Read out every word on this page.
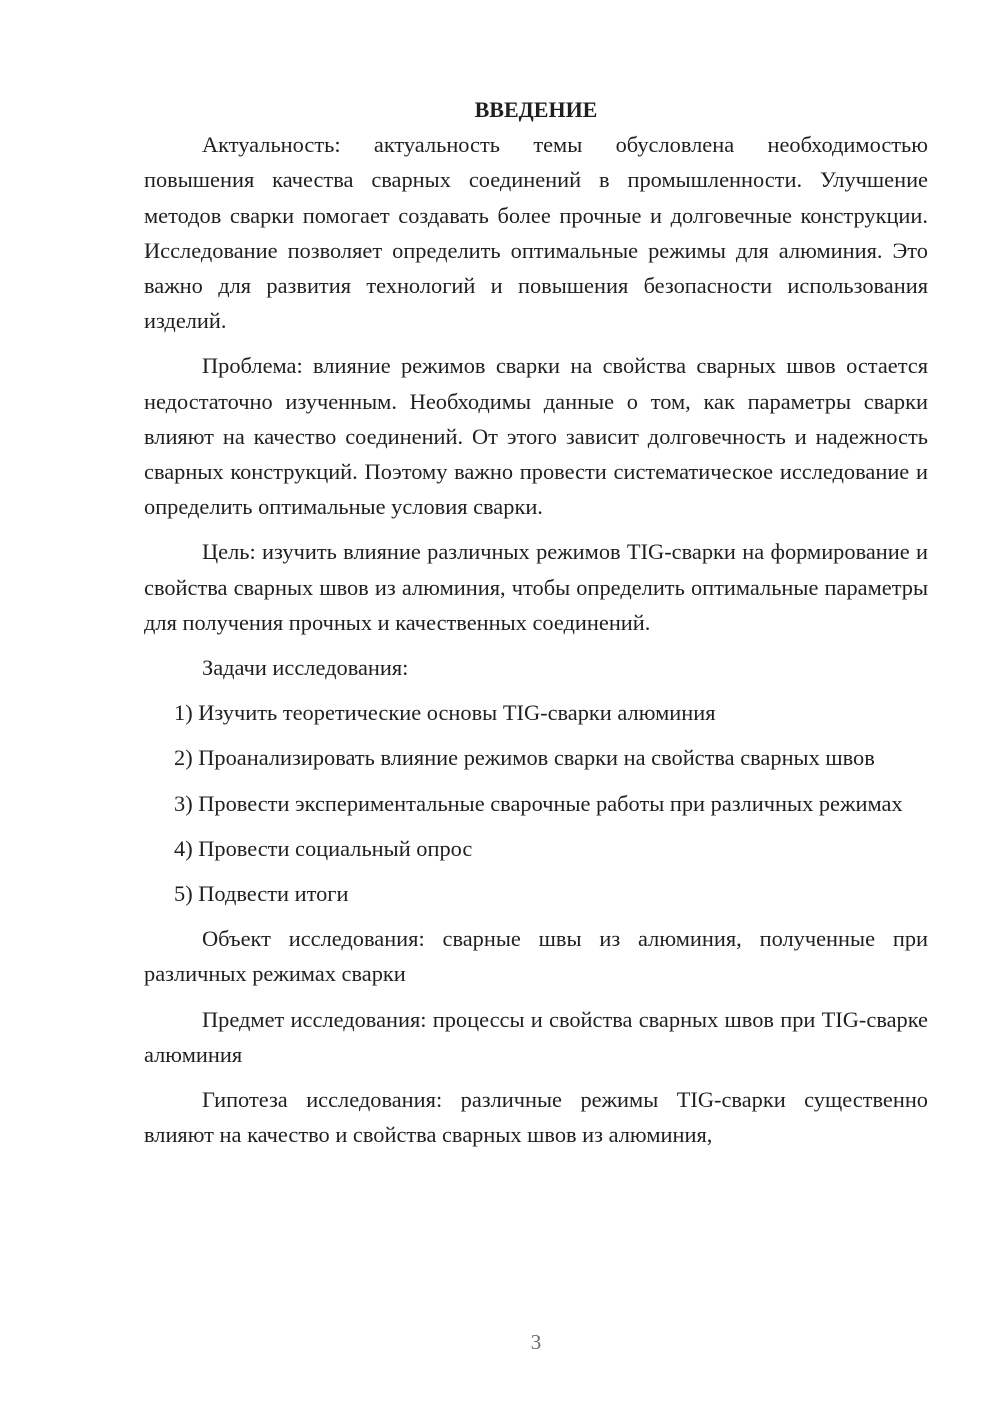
ВВЕДЕНИЕ

Актуальность: актуальность темы обусловлена необходимостью повышения качества сварных соединений в промышленности. Улучшение методов сварки помогает создавать более прочные и долговечные конструкции. Исследование позволяет определить оптимальные режимы для алюминия. Это важно для развития технологий и повышения безопасности использования изделий.

Проблема: влияние режимов сварки на свойства сварных швов остается недостаточно изученным. Необходимы данные о том, как параметры сварки влияют на качество соединений. От этого зависит долговечность и надежность сварных конструкций. Поэтому важно провести систематическое исследование и определить оптимальные условия сварки.

Цель: изучить влияние различных режимов TIG-сварки на формирование и свойства сварных швов из алюминия, чтобы определить оптимальные параметры для получения прочных и качественных соединений.

Задачи исследования:

1) Изучить теоретические основы TIG-сварки алюминия

2) Проанализировать влияние режимов сварки на свойства сварных швов

3) Провести экспериментальные сварочные работы при различных режимах

4) Провести социальный опрос

5) Подвести итоги

Объект исследования: сварные швы из алюминия, полученные при различных режимах сварки

Предмет исследования: процессы и свойства сварных швов при TIG-сварке алюминия

Гипотеза исследования: различные режимы TIG-сварки существенно влияют на качество и свойства сварных швов из алюминия,

3
